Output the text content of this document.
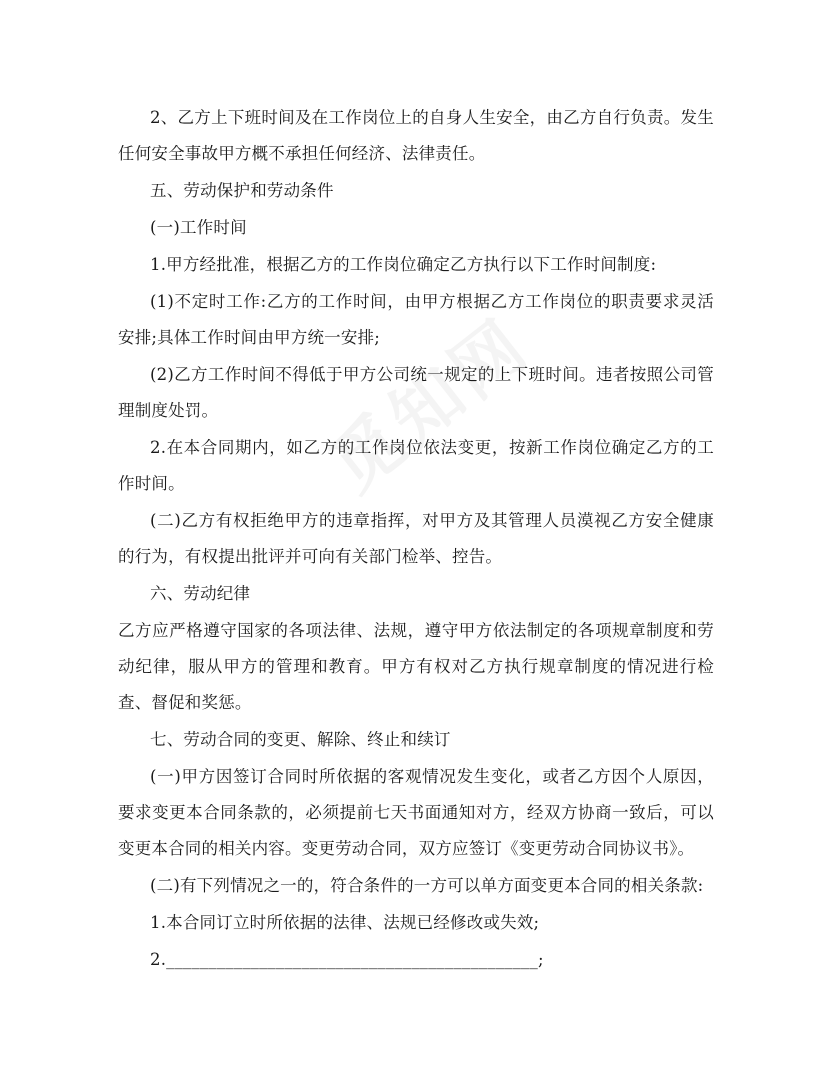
2、乙方上下班时间及在工作岗位上的自身人生安全，由乙方自行负责。发生任何安全事故甲方概不承担任何经济、法律责任。

五、劳动保护和劳动条件

(一)工作时间

1.甲方经批准，根据乙方的工作岗位确定乙方执行以下工作时间制度:

(1)不定时工作:乙方的工作时间，由甲方根据乙方工作岗位的职责要求灵活安排;具体工作时间由甲方统一安排;

(2)乙方工作时间不得低于甲方公司统一规定的上下班时间。违者按照公司管理制度处罚。

2.在本合同期内，如乙方的工作岗位依法变更，按新工作岗位确定乙方的工作时间。

(二)乙方有权拒绝甲方的违章指挥，对甲方及其管理人员漠视乙方安全健康的行为，有权提出批评并可向有关部门检举、控告。

六、劳动纪律

乙方应严格遵守国家的各项法律、法规，遵守甲方依法制定的各项规章制度和劳动纪律，服从甲方的管理和教育。甲方有权对乙方执行规章制度的情况进行检查、督促和奖惩。

七、劳动合同的变更、解除、终止和续订

(一)甲方因签订合同时所依据的客观情况发生变化，或者乙方因个人原因，要求变更本合同条款的，必须提前七天书面通知对方，经双方协商一致后，可以变更本合同的相关内容。变更劳动合同，双方应签订《变更劳动合同协议书》。

(二)有下列情况之一的，符合条件的一方可以单方面变更本合同的相关条款:

1.本合同订立时所依据的法律、法规已经修改或失效;

2.____________________________________________;
